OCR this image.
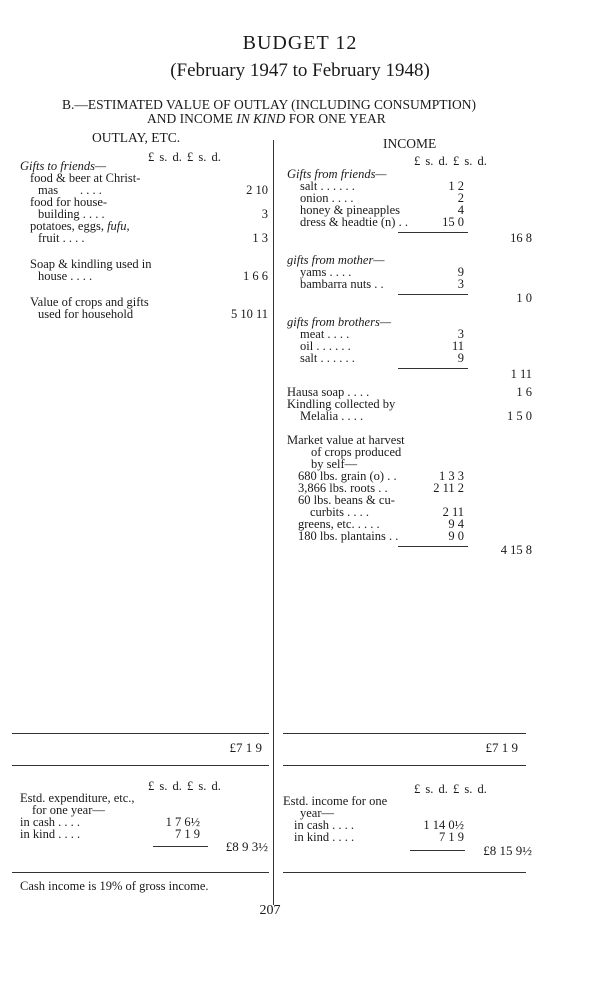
BUDGET 12
(February 1947 to February 1948)
B.—ESTIMATED VALUE OF OUTLAY (INCLUDING CONSUMPTION)
AND INCOME IN KIND FOR ONE YEAR
OUTLAY, ETC.	INCOME
£ s. d. £ s. d.
Gifts to friends—
food & beer at Christ-
mas . . . .	2 10
food for house-
building . . . .	3
potatoes, eggs, fufu,
fruit . . . .	1 3
Soap & kindling used in
house . . . .	1 6 6
Value of crops and gifts
used for household	5 10 11
£ s. d. £ s. d.
Gifts from friends—
salt . . . . . .	1 2
onion . . . .	2
honey & pineapples	4
dress & headtie (n) . .	15 0
16 8
gifts from mother—
yams . . . .	9
bambarra nuts . .	3
1 0
gifts from brothers—
meat . . . .	3
oil . . . . . .	11
salt . . . . . .	9
1 11
Hausa soap . . . .	1 6
Kindling collected by
Melalia . . . .	1 5 0
Market value at harvest
of crops produced
by self—
680 lbs. grain (o) . .	1 3 3
3,866 lbs. roots . .	2 11 2
60 lbs. beans & cu-
curbits . . . .	2 11
greens, etc. . . . .	9 4
180 lbs. plantains . .	9 0
4 15 8
£7 1 9	£7 1 9
£ s. d. £ s. d.
Estd. expenditure, etc.,
for one year—
in cash . . . .	1 7 6½
in kind . . . .	7 1 9
£8 9 3½
£ s. d. £ s. d.
Estd. income for one
year—
in cash . . . .	1 14 0½
in kind . . . .	7 1 9
£8 15 9½
Cash income is 19% of gross income.
207
